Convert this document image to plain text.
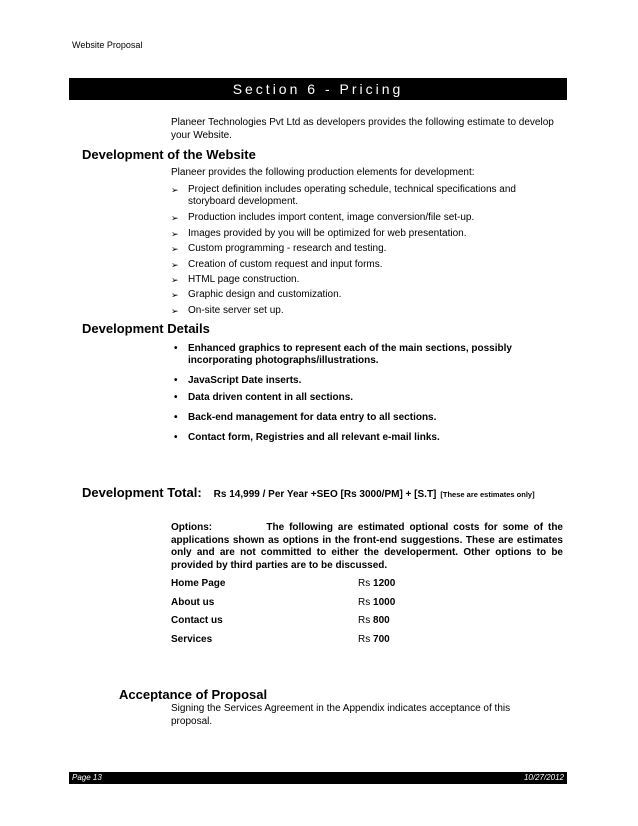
Website Proposal
Section 6 - Pricing
Planeer Technologies Pvt Ltd as developers provides the following estimate to develop
your Website.
Development of the Website
Planeer provides the following production elements for development:
➢ Project definition includes operating schedule, technical specifications and
storyboard development.
➢ Production includes import content, image conversion/file set-up.
➢ Images provided by you will be optimized for web presentation.
➢ Custom programming - research and testing.
➢ Creation of custom request and input forms.
➢ HTML page construction.
➢ Graphic design and customization.
➢ On-site server set up.
Development Details
•	Enhanced graphics to represent each of the main sections, possibly
incorporating photographs/illustrations.
•	JavaScript Date inserts.
•	Data driven content in all sections.
•	Back-end management for data entry to all sections.
•	Contact form, Registries and all relevant e-mail links.
Development Total: Rs 14,999 / Per Year +SEO [Rs 3000/PM] + [S.T] [These are estimates only]
Options:	The following are estimated optional costs for some of the applications shown as options in the front-end suggestions. These are estimates only and are not committed to either the developerment. Other options to be provided by third parties are to be discussed.
Home Page	Rs 1200
About us	Rs 1000
Contact us	Rs 800
Services	Rs 700
Acceptance of Proposal
Signing the Services Agreement in the Appendix indicates acceptance of this
proposal.
Page 13	10/27/2012
